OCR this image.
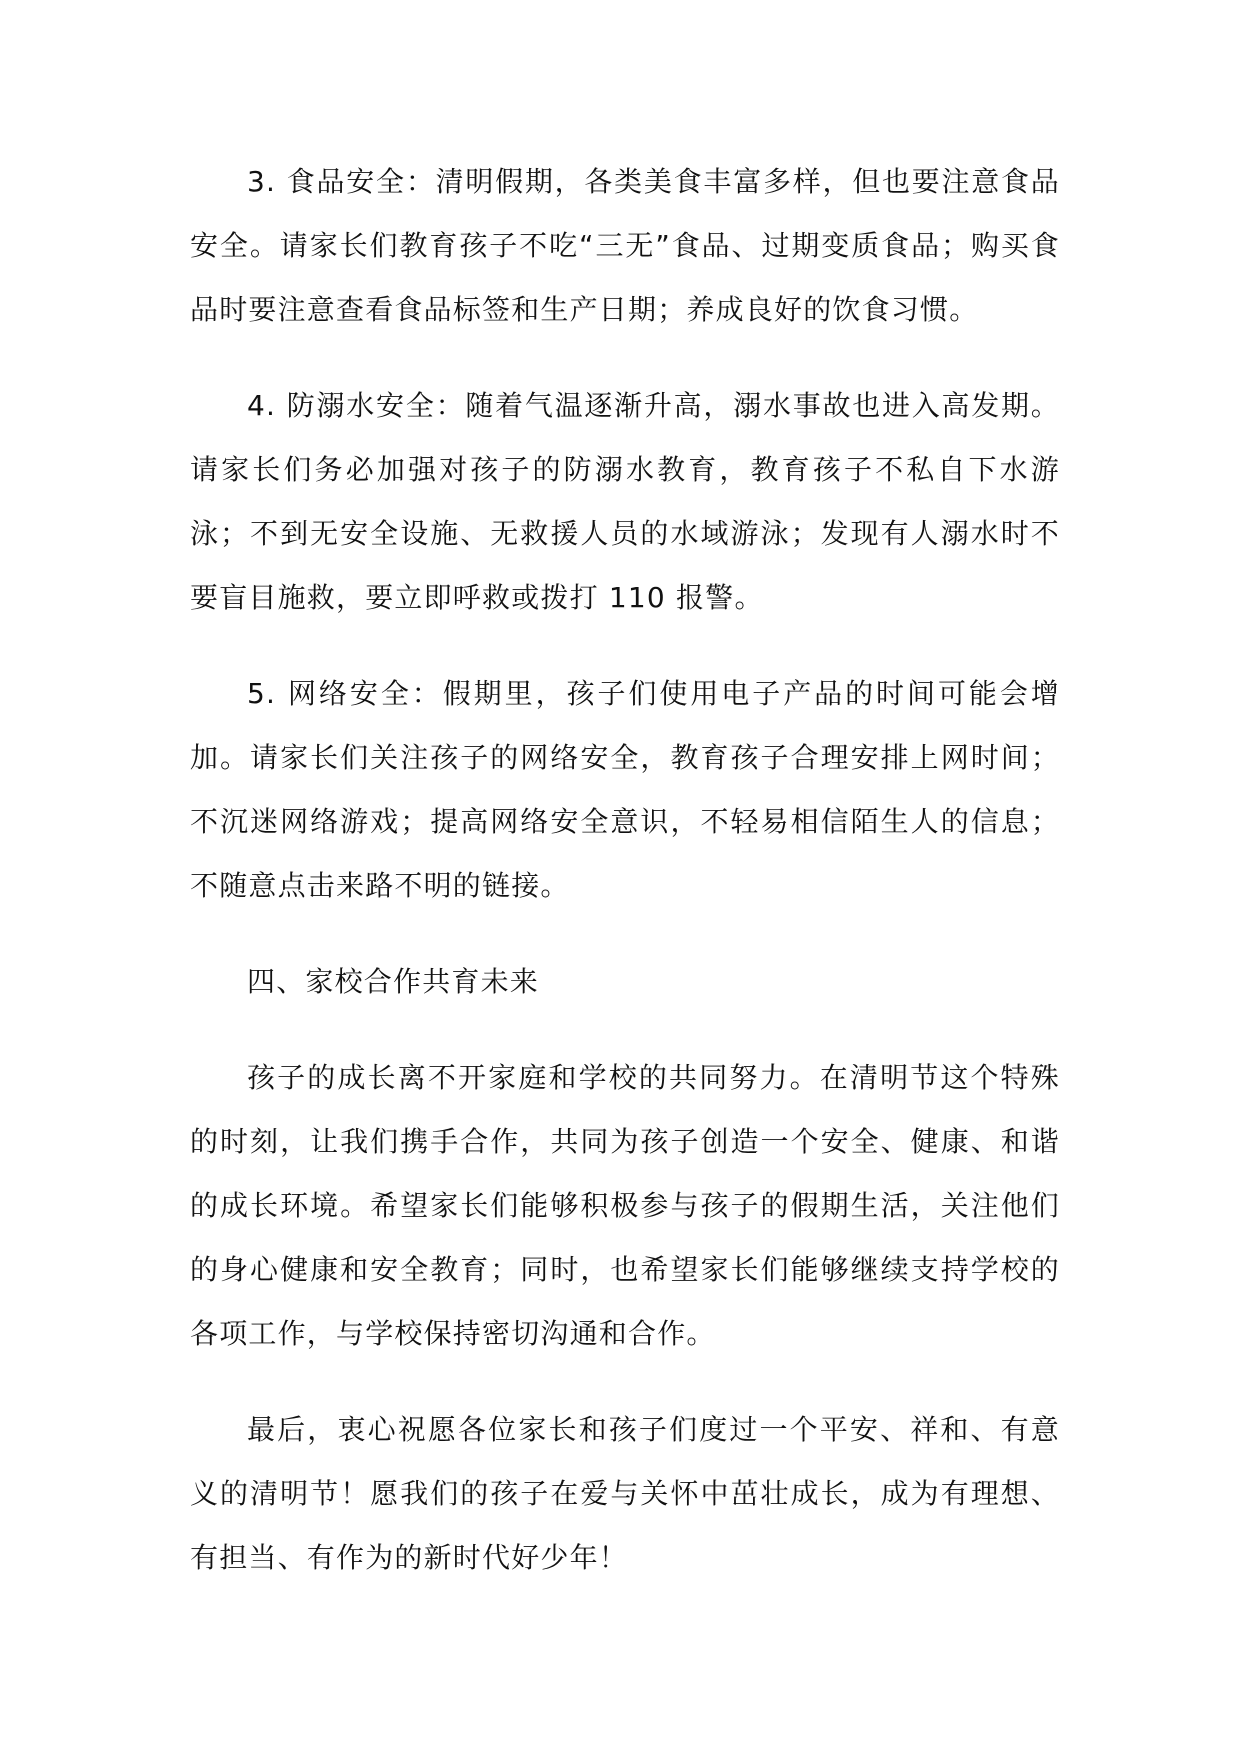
3. 食品安全：清明假期，各类美食丰富多样，但也要注意食品安全。请家长们教育孩子不吃“三无”食品、过期变质食品；购买食品时要注意查看食品标签和生产日期；养成良好的饮食习惯。

4. 防溺水安全：随着气温逐渐升高，溺水事故也进入高发期。请家长们务必加强对孩子的防溺水教育，教育孩子不私自下水游泳；不到无安全设施、无救援人员的水域游泳；发现有人溺水时不要盲目施救，要立即呼救或拨打 110 报警。

5. 网络安全：假期里，孩子们使用电子产品的时间可能会增加。请家长们关注孩子的网络安全，教育孩子合理安排上网时间；不沉迷网络游戏；提高网络安全意识，不轻易相信陌生人的信息；不随意点击来路不明的链接。

四、家校合作共育未来

孩子的成长离不开家庭和学校的共同努力。在清明节这个特殊的时刻，让我们携手合作，共同为孩子创造一个安全、健康、和谐的成长环境。希望家长们能够积极参与孩子的假期生活，关注他们的身心健康和安全教育；同时，也希望家长们能够继续支持学校的各项工作，与学校保持密切沟通和合作。

最后，衷心祝愿各位家长和孩子们度过一个平安、祥和、有意义的清明节！愿我们的孩子在爱与关怀中茁壮成长，成为有理想、有担当、有作为的新时代好少年！
